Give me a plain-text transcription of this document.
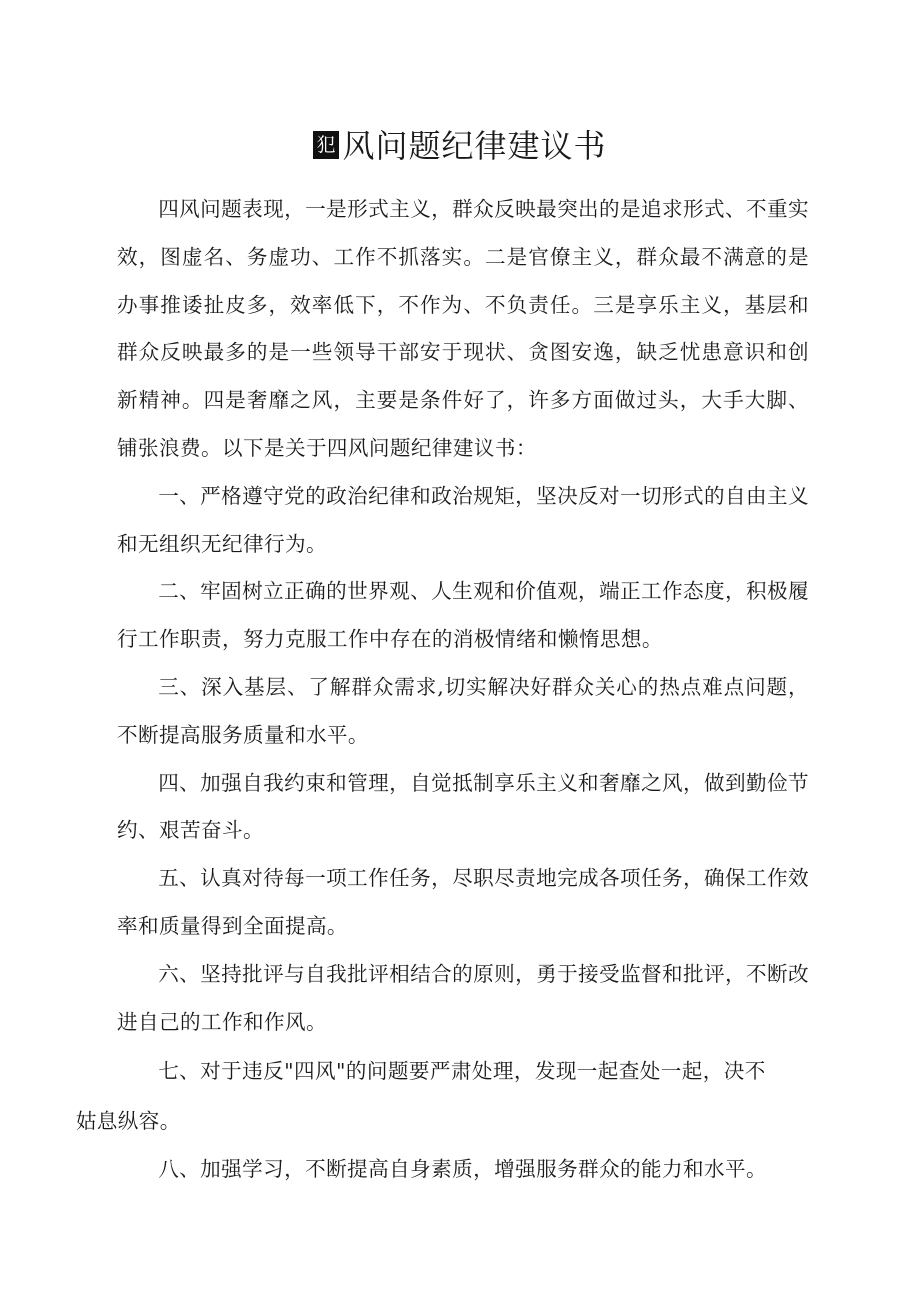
犯 风问题纪律建议书

四风问题表现，一是形式主义，群众反映最突出的是追求形式、不重实效，图虚名、务虚功、工作不抓落实。二是官僚主义，群众最不满意的是办事推诿扯皮多，效率低下，不作为、不负责任。三是享乐主义，基层和群众反映最多的是一些领导干部安于现状、贪图安逸，缺乏忧患意识和创新精神。四是奢靡之风，主要是条件好了，许多方面做过头，大手大脚、铺张浪费。以下是关于四风问题纪律建议书：

一、严格遵守党的政治纪律和政治规矩，坚决反对一切形式的自由主义和无组织无纪律行为。

二、牢固树立正确的世界观、人生观和价值观，端正工作态度，积极履行工作职责，努力克服工作中存在的消极情绪和懒惰思想。

三、深入基层、了解群众需求,切实解决好群众关心的热点难点问题，不断提高服务质量和水平。

四、加强自我约束和管理，自觉抵制享乐主义和奢靡之风，做到勤俭节约、艰苦奋斗。

五、认真对待每一项工作任务，尽职尽责地完成各项任务，确保工作效率和质量得到全面提高。

六、坚持批评与自我批评相结合的原则，勇于接受监督和批评，不断改进自己的工作和作风。

七、对于违反"四风"的问题要严肃处理，发现一起查处一起，决不
姑息纵容。

八、加强学习，不断提高自身素质，增强服务群众的能力和水平。
